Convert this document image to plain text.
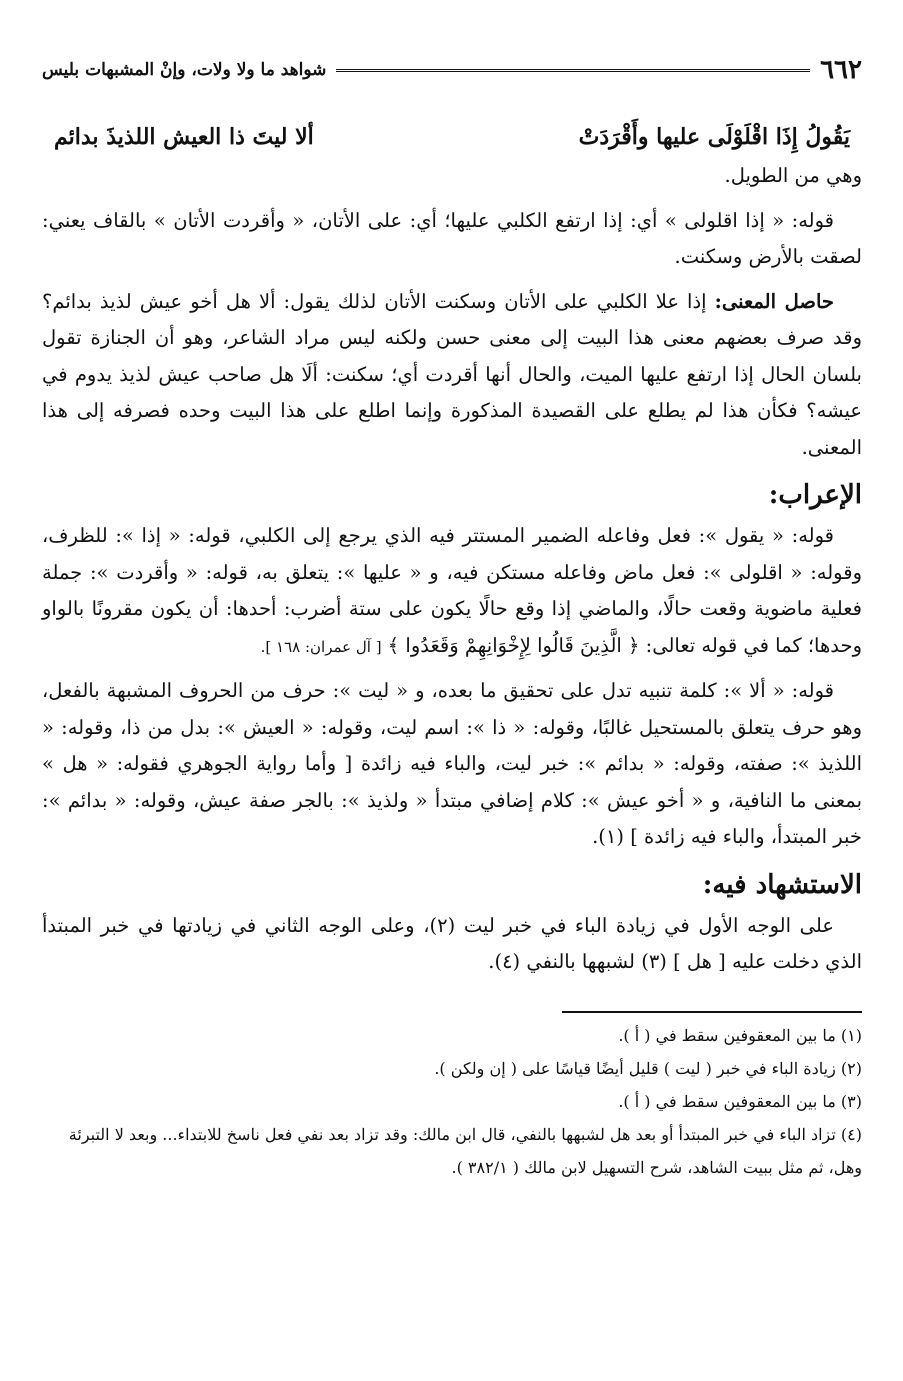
٦٦٢
شواهد ما ولا ولات، وإنْ المشبهات بليس
يَقُولُ إِذَا اقْلَوْلَى عليها وأَقْرَدَتْ
ألا ليتَ ذا العيش اللذيذَ بدائم

وهي من الطويل.

قوله: « إذا اقلولى » أي: إذا ارتفع الكلبي عليها؛ أي: على الأتان، « وأقردت الأتان » بالقاف يعني: لصقت بالأرض وسكنت.

حاصل المعنى: إذا علا الكلبي على الأتان وسكنت الأتان لذلك يقول: ألا هل أخو عيش لذيذ بدائم؟ وقد صرف بعضهم معنى هذا البيت إلى معنى حسن ولكنه ليس مراد الشاعر، وهو أن الجنازة تقول بلسان الحال إذا ارتفع عليها الميت، والحال أنها أقردت أي؛ سكنت: ألَا هل صاحب عيش لذيذ يدوم في عيشه؟ فكأن هذا لم يطلع على القصيدة المذكورة وإنما اطلع على هذا البيت وحده فصرفه إلى هذا المعنى.

الإعراب:

قوله: « يقول »: فعل وفاعله الضمير المستتر فيه الذي يرجع إلى الكلبي، قوله: « إذا »: للظرف، وقوله: « اقلولى »: فعل ماض وفاعله مستكن فيه، و « عليها »: يتعلق به، قوله: « وأقردت »: جملة فعلية ماضوية وقعت حالًا، والماضي إذا وقع حالًا يكون على ستة أضرب: أحدها: أن يكون مقرونًا بالواو وحدها؛ كما في قوله تعالى: ﴿ الَّذِينَ قَالُوا لِإِخْوَانِهِمْ وَقَعَدُوا ﴾ [ آل عمران: ١٦٨ ].

قوله: « ألا »: كلمة تنبيه تدل على تحقيق ما بعده، و « ليت »: حرف من الحروف المشبهة بالفعل، وهو حرف يتعلق بالمستحيل غالبًا، وقوله: « ذا »: اسم ليت، وقوله: « العيش »: بدل من ذا، وقوله: « اللذيذ »: صفته، وقوله: « بدائم »: خبر ليت، والباء فيه زائدة [ وأما رواية الجوهري فقوله: « هل » بمعنى ما النافية، و « أخو عيش »: كلام إضافي مبتدأ « ولذيذ »: بالجر صفة عيش، وقوله: « بدائم »: خبر المبتدأ، والباء فيه زائدة ] (١).

الاستشهاد فيه:

على الوجه الأول في زيادة الباء في خبر ليت (٢)، وعلى الوجه الثاني في زيادتها في خبر المبتدأ الذي دخلت عليه [ هل ] (٣) لشبهها بالنفي (٤).

(١) ما بين المعقوفين سقط في ( أ ).

(٢) زيادة الباء في خبر ( ليت ) قليل أيضًا قياسًا على ( إن ولكن ).

(٣) ما بين المعقوفين سقط في ( أ ).

(٤) تزاد الباء في خبر المبتدأ أو بعد هل لشبهها بالنفي، قال ابن مالك: وقد تزاد بعد نفي فعل ناسخ للابتداء... وبعد لا التبرئة وهل، ثم مثل ببيت الشاهد، شرح التسهيل لابن مالك ( ٣٨٢/١ ).
